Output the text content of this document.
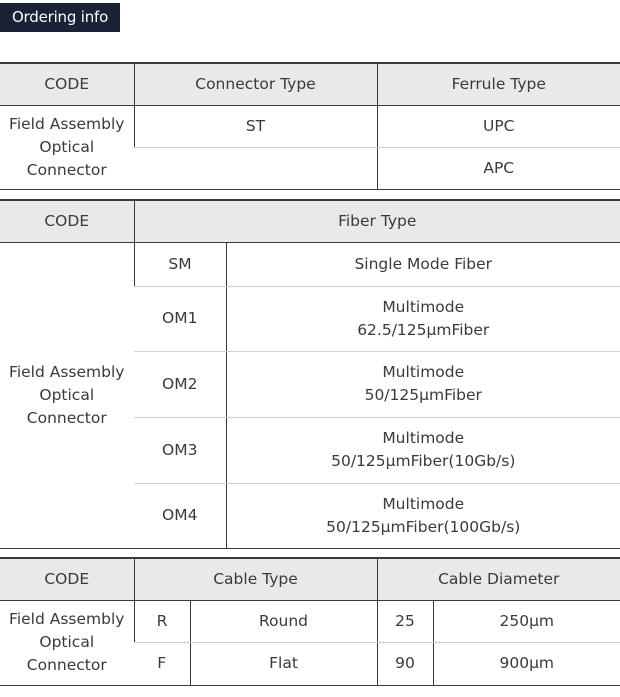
Ordering info
CODE	Connector Type	Ferrule Type

Field Assembly
Optical
Connector	ST	UPC
		APC
CODE	Fiber Type	

Field Assembly
Optical
Connector	SM	Single Mode Fiber
	OM1	Multimode
62.5/125μmFiber

	OM2	Multimode
50/125μmFiber

	OM3	Multimode
50/125μmFiber(10Gb/s)

	OM4	Multimode
50/125μmFiber(100Gb/s)
CODE	Cable Type		Cable Diameter	

Field Assembly
Optical
Connector	R	Round	25	250μm
	F	Flat	90	900μm
